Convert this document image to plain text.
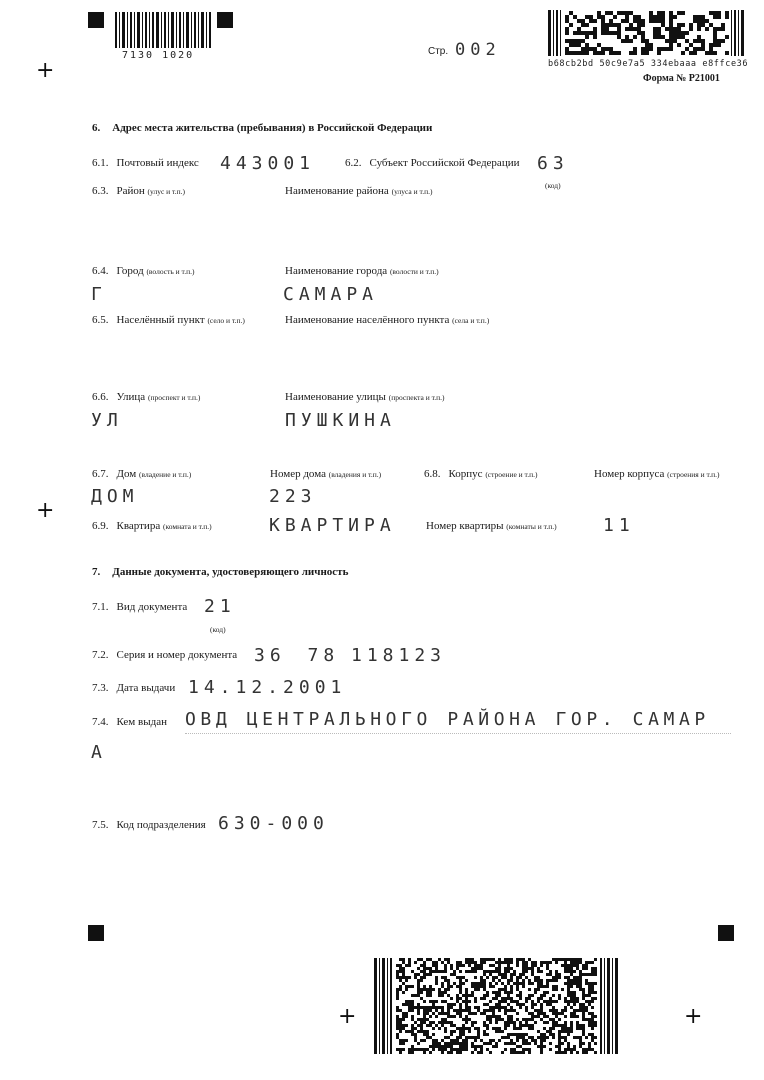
+
7130 1020	Стр. 002
b68cb2bd 50c9e7a5 334ebaaa e8ffce36
Форма № Р21001
6. Адрес места жительства (пребывания) в Российской Федерации
6.1. Почтовый индекс 443001	6.2. Субъект Российской Федерации 63
(код)
6.3. Район (улус и т.п.)	Наименование района (улуса и т.п.)
6.4. Город (волость и т.п.)	Наименование города (волости и т.п.)
Г	САМАРА
6.5. Населённый пункт (село и т.п.)	Наименование населённого пункта (села и т.п.)
6.6. Улица (проспект и т.п.)	Наименование улицы (проспекта и т.п.)
УЛ	ПУШКИНА
6.7. Дом (владение и т.п.)	Номер дома (владения и т.п.)	6.8. Корпус (строение и т.п.)	Номер корпуса (строения и т.п.)
ДОМ	223
+
6.9. Квартира (комната и т.п.)	КВАРТИРА	Номер квартиры (комнаты и т.п.)	11
7. Данные документа, удостоверяющего личность
7.1. Вид документа 21
(код)
7.2. Серия и номер документа 36 78 118123
7.3. Дата выдачи 14.12.2001
7.4. Кем выдан ОВД ЦЕНТРАЛЬНОГО РАЙОНА ГОР. САМАР
А
7.5. Код подразделения 630-000
+	+
